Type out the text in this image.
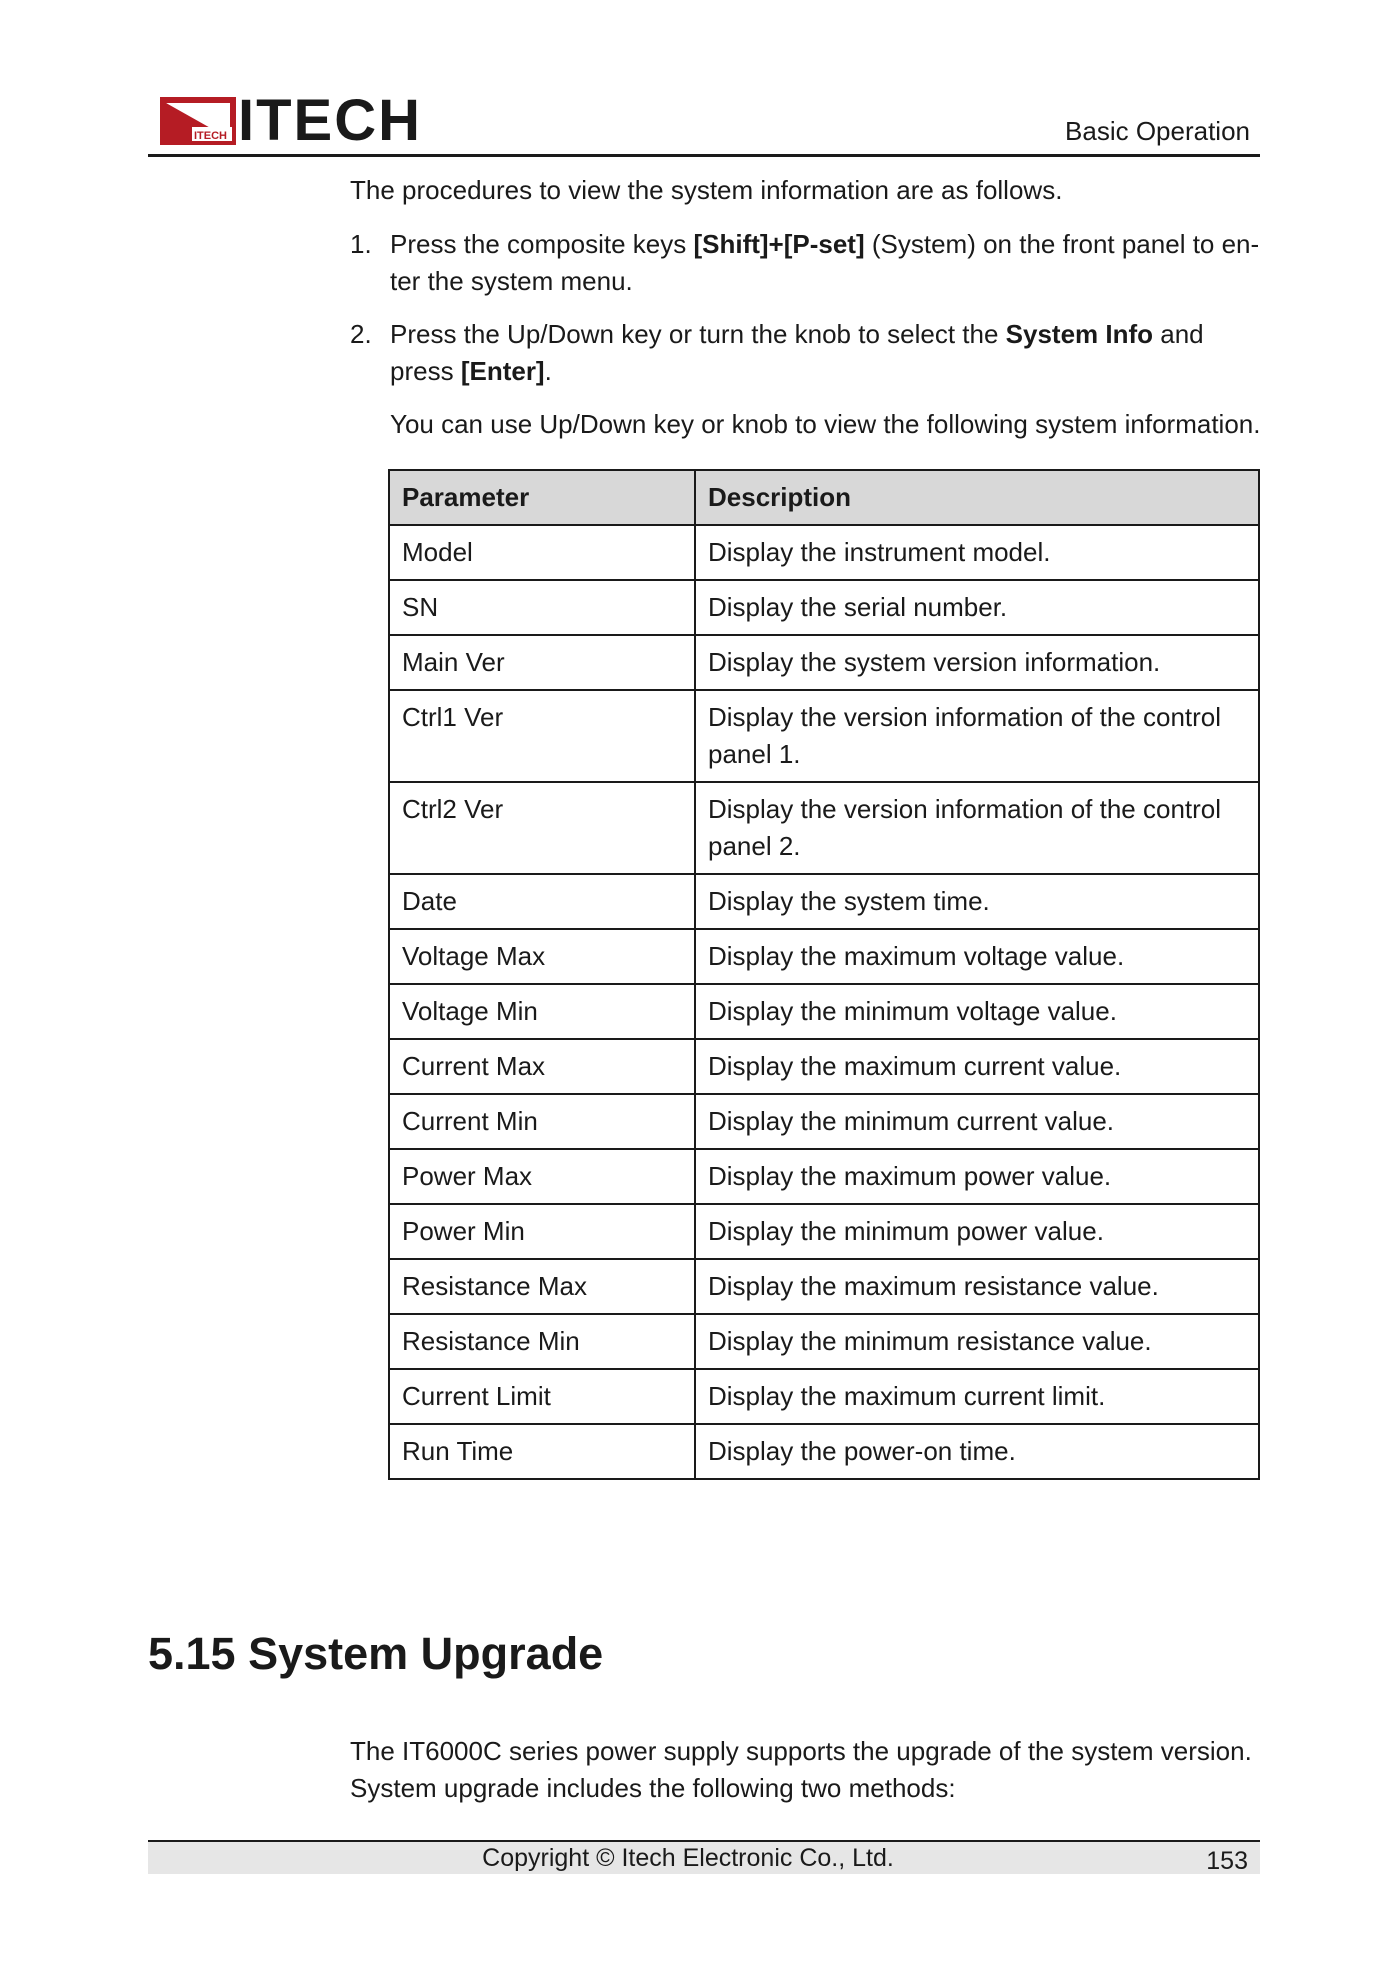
ITECH ITECH	Basic Operation
The procedures to view the system information are as follows.
1. Press the composite keys [Shift]+[P-set] (System) on the front panel to en-ter the system menu.
2. Press the Up/Down key or turn the knob to select the System Info and press [Enter].
You can use Up/Down key or knob to view the following system information.
Parameter	Description
Model	Display the instrument model.
SN	Display the serial number.
Main Ver	Display the system version information.
Ctrl1 Ver	Display the version information of the control panel 1.
Ctrl2 Ver	Display the version information of the control panel 2.
Date	Display the system time.
Voltage Max	Display the maximum voltage value.
Voltage Min	Display the minimum voltage value.
Current Max	Display the maximum current value.
Current Min	Display the minimum current value.
Power Max	Display the maximum power value.
Power Min	Display the minimum power value.
Resistance Max	Display the maximum resistance value.
Resistance Min	Display the minimum resistance value.
Current Limit	Display the maximum current limit.
Run Time	Display the power-on time.
5.15 System Upgrade
The IT6000C series power supply supports the upgrade of the system version. System upgrade includes the following two methods:
Copyright © Itech Electronic Co., Ltd.	153
